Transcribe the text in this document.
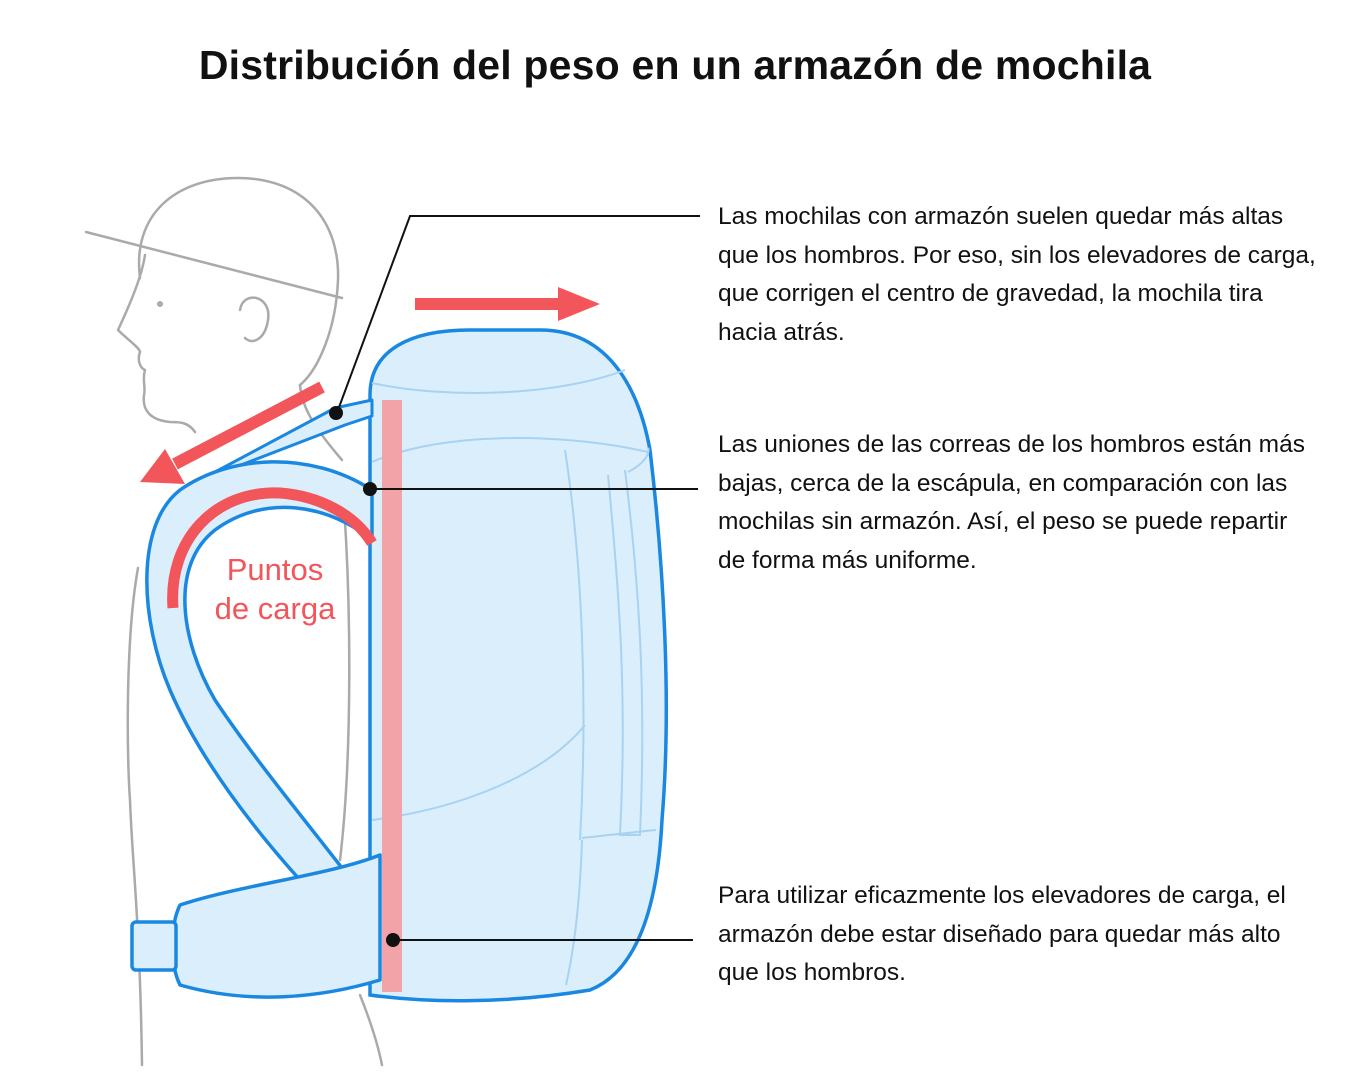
Distribución del peso en un armazón de mochila
Puntos
de carga

Las mochilas con armazón suelen quedar más altas que los hombros. Por eso, sin los elevadores de carga, que corrigen el centro de gravedad, la mochila tira hacia atrás.

Las uniones de las correas de los hombros están más bajas, cerca de la escápula, en comparación con las mochilas sin armazón. Así, el peso se puede repartir de forma más uniforme.

Para utilizar eficazmente los elevadores de carga, el armazón debe estar diseñado para quedar más alto que los hombros.
